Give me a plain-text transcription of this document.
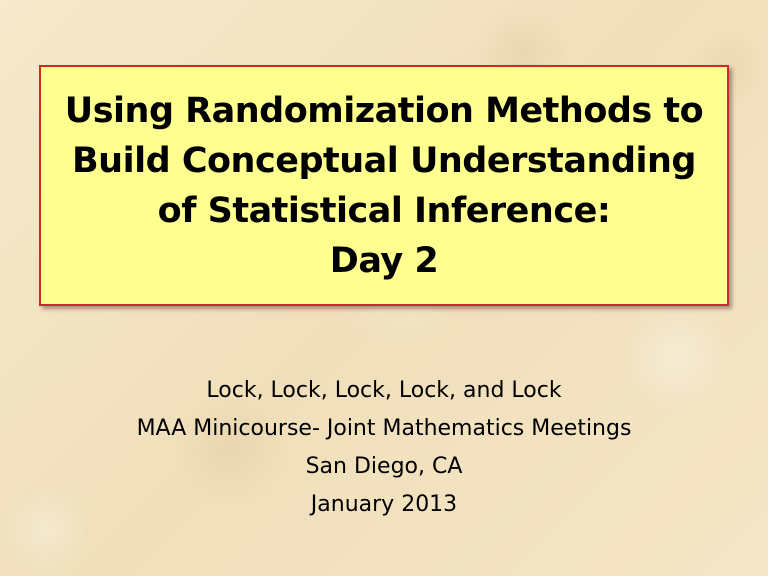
Using Randomization Methods to
Build Conceptual Understanding
of Statistical Inference:
Day 2
Lock, Lock, Lock, Lock, and Lock
MAA Minicourse- Joint Mathematics Meetings
San Diego, CA
January 2013
